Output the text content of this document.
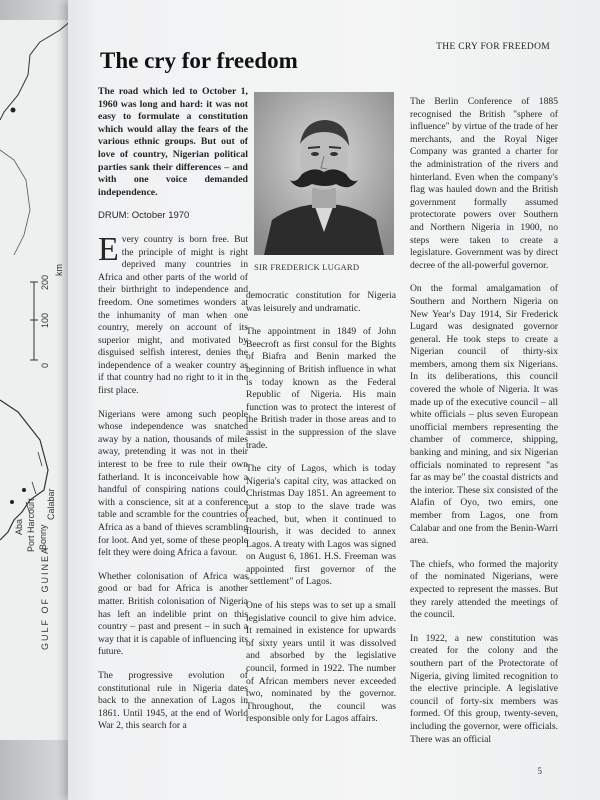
Calabar
Aba Port Harcourt Bonny
GULF OF GUINEA
0
100
200
km
THE CRY FOR FREEDOM
The cry for freedom

The road which led to October 1, 1960 was long and hard: it was not easy to formulate a constitution which would allay the fears of the various ethnic groups. But out of love of country, Nigerian political parties sank their differences – and with one voice demanded independence.

DRUM: October 1970

Every country is born free. But the principle of might is right deprived many countries in Africa and other parts of the world of their birthright to independence and freedom. One sometimes wonders at the inhumanity of man when one country, merely on account of its superior might, and motivated by disguised selfish interest, denies the independence of a weaker country as if that country had no right to it in the first place.

Nigerians were among such people whose independence was snatched away by a nation, thousands of miles away, pretending it was not in their interest to be free to rule their own fatherland. It is inconceivable how a handful of conspiring nations could, with a conscience, sit at a conference table and scramble for the countries of Africa as a band of thieves scrambling for loot. And yet, some of these people felt they were doing Africa a favour.

Whether colonisation of Africa was good or bad for Africa is another matter. British colonisation of Nigeria has left an indelible print on this country – past and present – in such a way that it is capable of influencing its future.

The progressive evolution of constitutional rule in Nigeria dates back to the annexation of Lagos in 1861. Until 1945, at the end of World War 2, this search for a

SIR FREDERICK LUGARD

democratic constitution for Nigeria was leisurely and undramatic.

The appointment in 1849 of John Beecroft as first consul for the Bights of Biafra and Benin marked the beginning of British influence in what is today known as the Federal Republic of Nigeria. His main function was to protect the interest of the British trader in those areas and to assist in the suppression of the slave trade.

The city of Lagos, which is today Nigeria's capital city, was attacked on Christmas Day 1851. An agreement to put a stop to the slave trade was reached, but, when it continued to flourish, it was decided to annex Lagos. A treaty with Lagos was signed on August 6, 1861. H.S. Freeman was appointed first governor of the "settlement" of Lagos.

One of his steps was to set up a small legislative council to give him advice. It remained in existence for upwards of sixty years until it was dissolved and absorbed by the legislative council, formed in 1922. The number of African members never exceeded two, nominated by the governor. Throughout, the council was responsible only for Lagos affairs.

The Berlin Conference of 1885 recognised the British "sphere of influence" by virtue of the trade of her merchants, and the Royal Niger Company was granted a charter for the administration of the rivers and hinterland. Even when the company's flag was hauled down and the British government formally assumed protectorate powers over Southern and Northern Nigeria in 1900, no steps were taken to create a legislature. Government was by direct decree of the all-powerful governor.

On the formal amalgamation of Southern and Northern Nigeria on New Year's Day 1914, Sir Frederick Lugard was designated governor general. He took steps to create a Nigerian council of thirty-six members, among them six Nigerians. In its deliberations, this council covered the whole of Nigeria. It was made up of the executive council – all white officials – plus seven European unofficial members representing the chamber of commerce, shipping, banking and mining, and six Nigerian officials nominated to represent "as far as may be" the coastal districts and the interior. These six consisted of the Alafin of Oyo, two emirs, one member from Lagos, one from Calabar and one from the Benin-Warri area.

The chiefs, who formed the majority of the nominated Nigerians, were expected to represent the masses. But they rarely attended the meetings of the council.

In 1922, a new constitution was created for the colony and the southern part of the Protectorate of Nigeria, giving limited recognition to the elective principle. A legislative council of forty-six members was formed. Of this group, twenty-seven, including the governor, were officials. There was an official

5
